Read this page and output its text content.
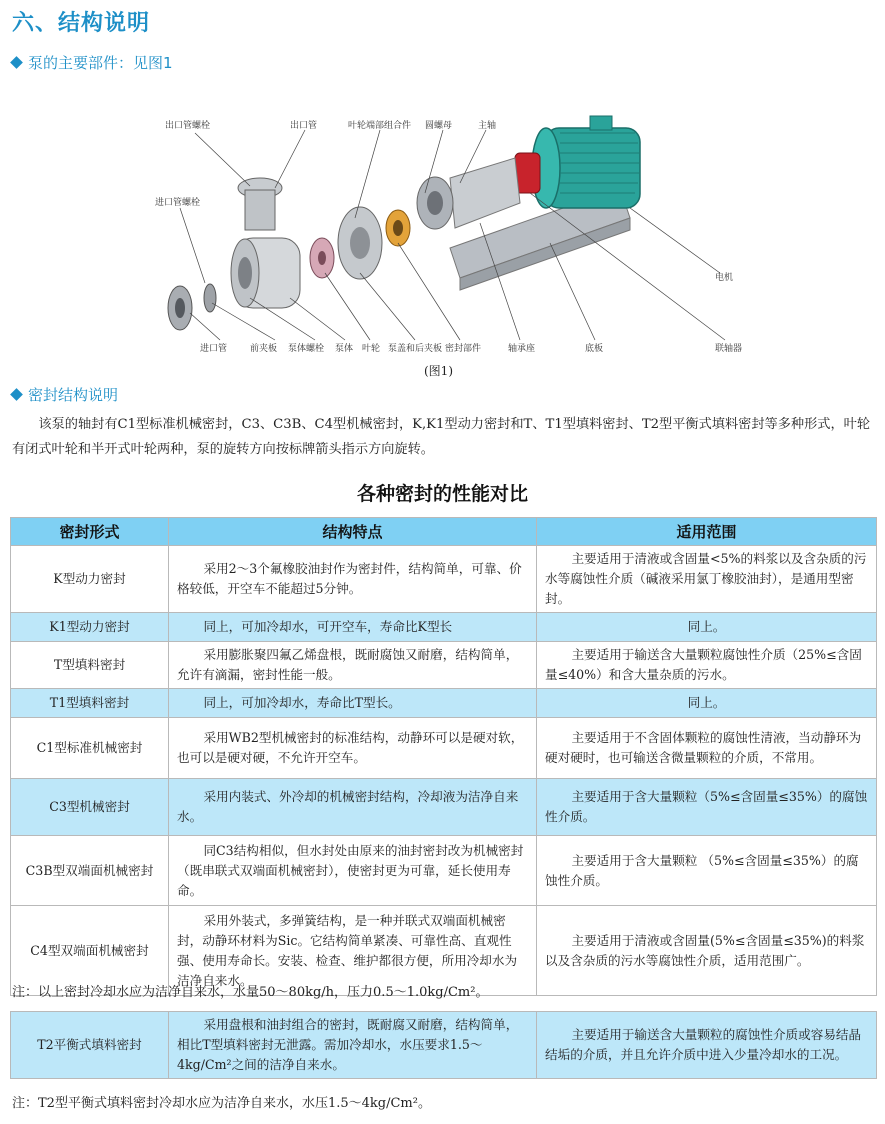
六、结构说明
泵的主要部件：见图1
出口管螺栓	出口管	叶轮端部组合件 圆螺母	主轴
进口管螺栓
电机
进口管	前夹板 泵体螺栓 泵体 叶轮 泵盖和后夹板 密封部件	轴承座	底板	联轴器
(图1)
密封结构说明
该泵的轴封有C1型标准机械密封，C3、C3B、C4型机械密封，K,K1型动力密封和T、T1型填料密封、T2型平衡式填料密封等多种形式，叶轮有闭式叶轮和半开式叶轮两种，泵的旋转方向按标牌箭头指示方向旋转。
各种密封的性能对比
密封形式	结构特点	适用范围
K型动力密封	采用2～3个氟橡胶油封作为密封件，结构简单，可靠、价格较低，开空车不能超过5分钟。	主要适用于清液或含固量<5%的料浆以及含杂质的污水等腐蚀性介质（碱液采用氯丁橡胶油封），是通用型密封。
K1型动力密封	同上，可加冷却水，可开空车，寿命比K型长	同上。
T型填料密封	采用膨胀聚四氟乙烯盘根，既耐腐蚀又耐磨，结构简单，允许有滴漏，密封性能一般。	主要适用于输送含大量颗粒腐蚀性介质（25%≤含固量≤40%）和含大量杂质的污水。
T1型填料密封	同上，可加冷却水，寿命比T型长。	同上。
C1型标准机械密封	采用WB2型机械密封的标准结构，动静环可以是硬对软，也可以是硬对硬，不允许开空车。	主要适用于不含固体颗粒的腐蚀性清液，当动静环为硬对硬时，也可输送含微量颗粒的介质，不常用。
C3型机械密封	采用内装式、外冷却的机械密封结构，冷却液为洁净自来水。	主要适用于含大量颗粒（5%≤含固量≤35%）的腐蚀性介质。
C3B型双端面机械密封	同C3结构相似，但水封处由原来的油封密封改为机械密封（既串联式双端面机械密封），使密封更为可靠，延长使用寿命。	主要适用于含大量颗粒 （5%≤含固量≤35%）的腐蚀性介质。
C4型双端面机械密封	采用外装式，多弹簧结构，是一种并联式双端面机械密封，动静环材料为Sic。它结构简单紧凑、可靠性高、直观性强、使用寿命长。安装、检查、维护都很方便，所用冷却水为洁净自来水。	主要适用于清液或含固量(5%≤含固量≤35%)的料浆以及含杂质的污水等腐蚀性介质，适用范围广。
注：以上密封冷却水应为洁净自来水，水量50～80kg/h，压力0.5～1.0kg/Cm²。
T2平衡式填料密封	采用盘根和油封组合的密封，既耐腐又耐磨，结构简单，相比T型填料密封无泄露。需加冷却水，水压要求1.5～4kg/Cm²之间的洁净自来水。	主要适用于输送含大量颗粒的腐蚀性介质或容易结晶结垢的介质，并且允许介质中进入少量冷却水的工况。
注：T2型平衡式填料密封冷却水应为洁净自来水，水压1.5～4kg/Cm²。
